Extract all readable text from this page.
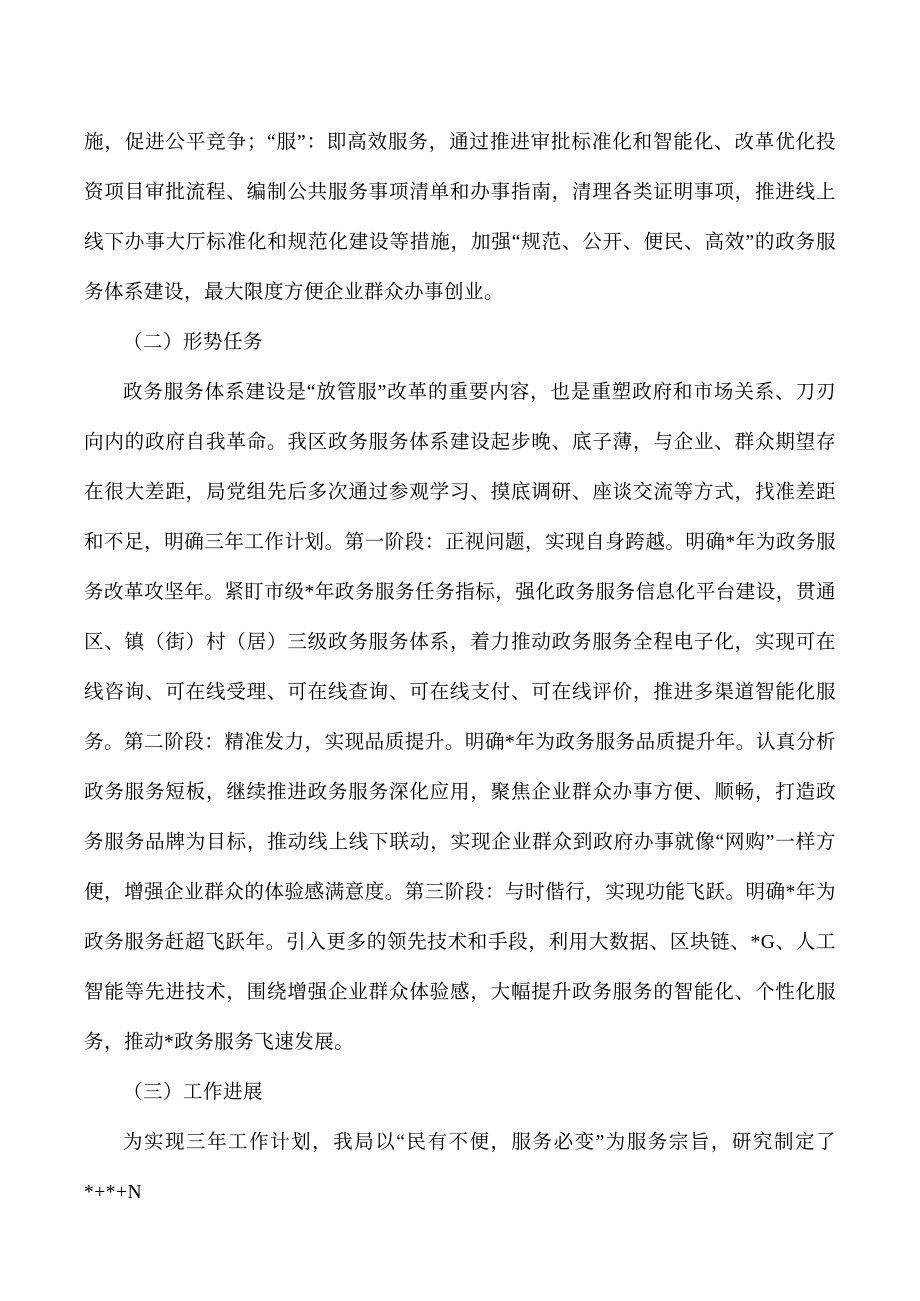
施，促进公平竞争；“服”：即高效服务，通过推进审批标准化和智能化、改革优化投资项目审批流程、编制公共服务事项清单和办事指南，清理各类证明事项，推进线上线下办事大厅标准化和规范化建设等措施，加强“规范、公开、便民、高效”的政务服务体系建设，最大限度方便企业群众办事创业。

（二）形势任务

政务服务体系建设是“放管服”改革的重要内容，也是重塑政府和市场关系、刀刃向内的政府自我革命。我区政务服务体系建设起步晚、底子薄，与企业、群众期望存在很大差距，局党组先后多次通过参观学习、摸底调研、座谈交流等方式，找准差距和不足，明确三年工作计划。第一阶段：正视问题，实现自身跨越。明确*年为政务服务改革攻坚年。紧盯市级*年政务服务任务指标，强化政务服务信息化平台建设，贯通区、镇（街）村（居）三级政务服务体系，着力推动政务服务全程电子化，实现可在线咨询、可在线受理、可在线查询、可在线支付、可在线评价，推进多渠道智能化服务。第二阶段：精准发力，实现品质提升。明确*年为政务服务品质提升年。认真分析政务服务短板，继续推进政务服务深化应用，聚焦企业群众办事方便、顺畅，打造政务服务品牌为目标，推动线上线下联动，实现企业群众到政府办事就像“网购”一样方便，增强企业群众的体验感满意度。第三阶段：与时偕行，实现功能飞跃。明确*年为政务服务赶超飞跃年。引入更多的领先技术和手段，利用大数据、区块链、*G、人工智能等先进技术，围绕增强企业群众体验感，大幅提升政务服务的智能化、个性化服务，推动*政务服务飞速发展。

（三）工作进展

为实现三年工作计划，我局以“民有不便，服务必变”为服务宗旨，研究制定了*+*+N
